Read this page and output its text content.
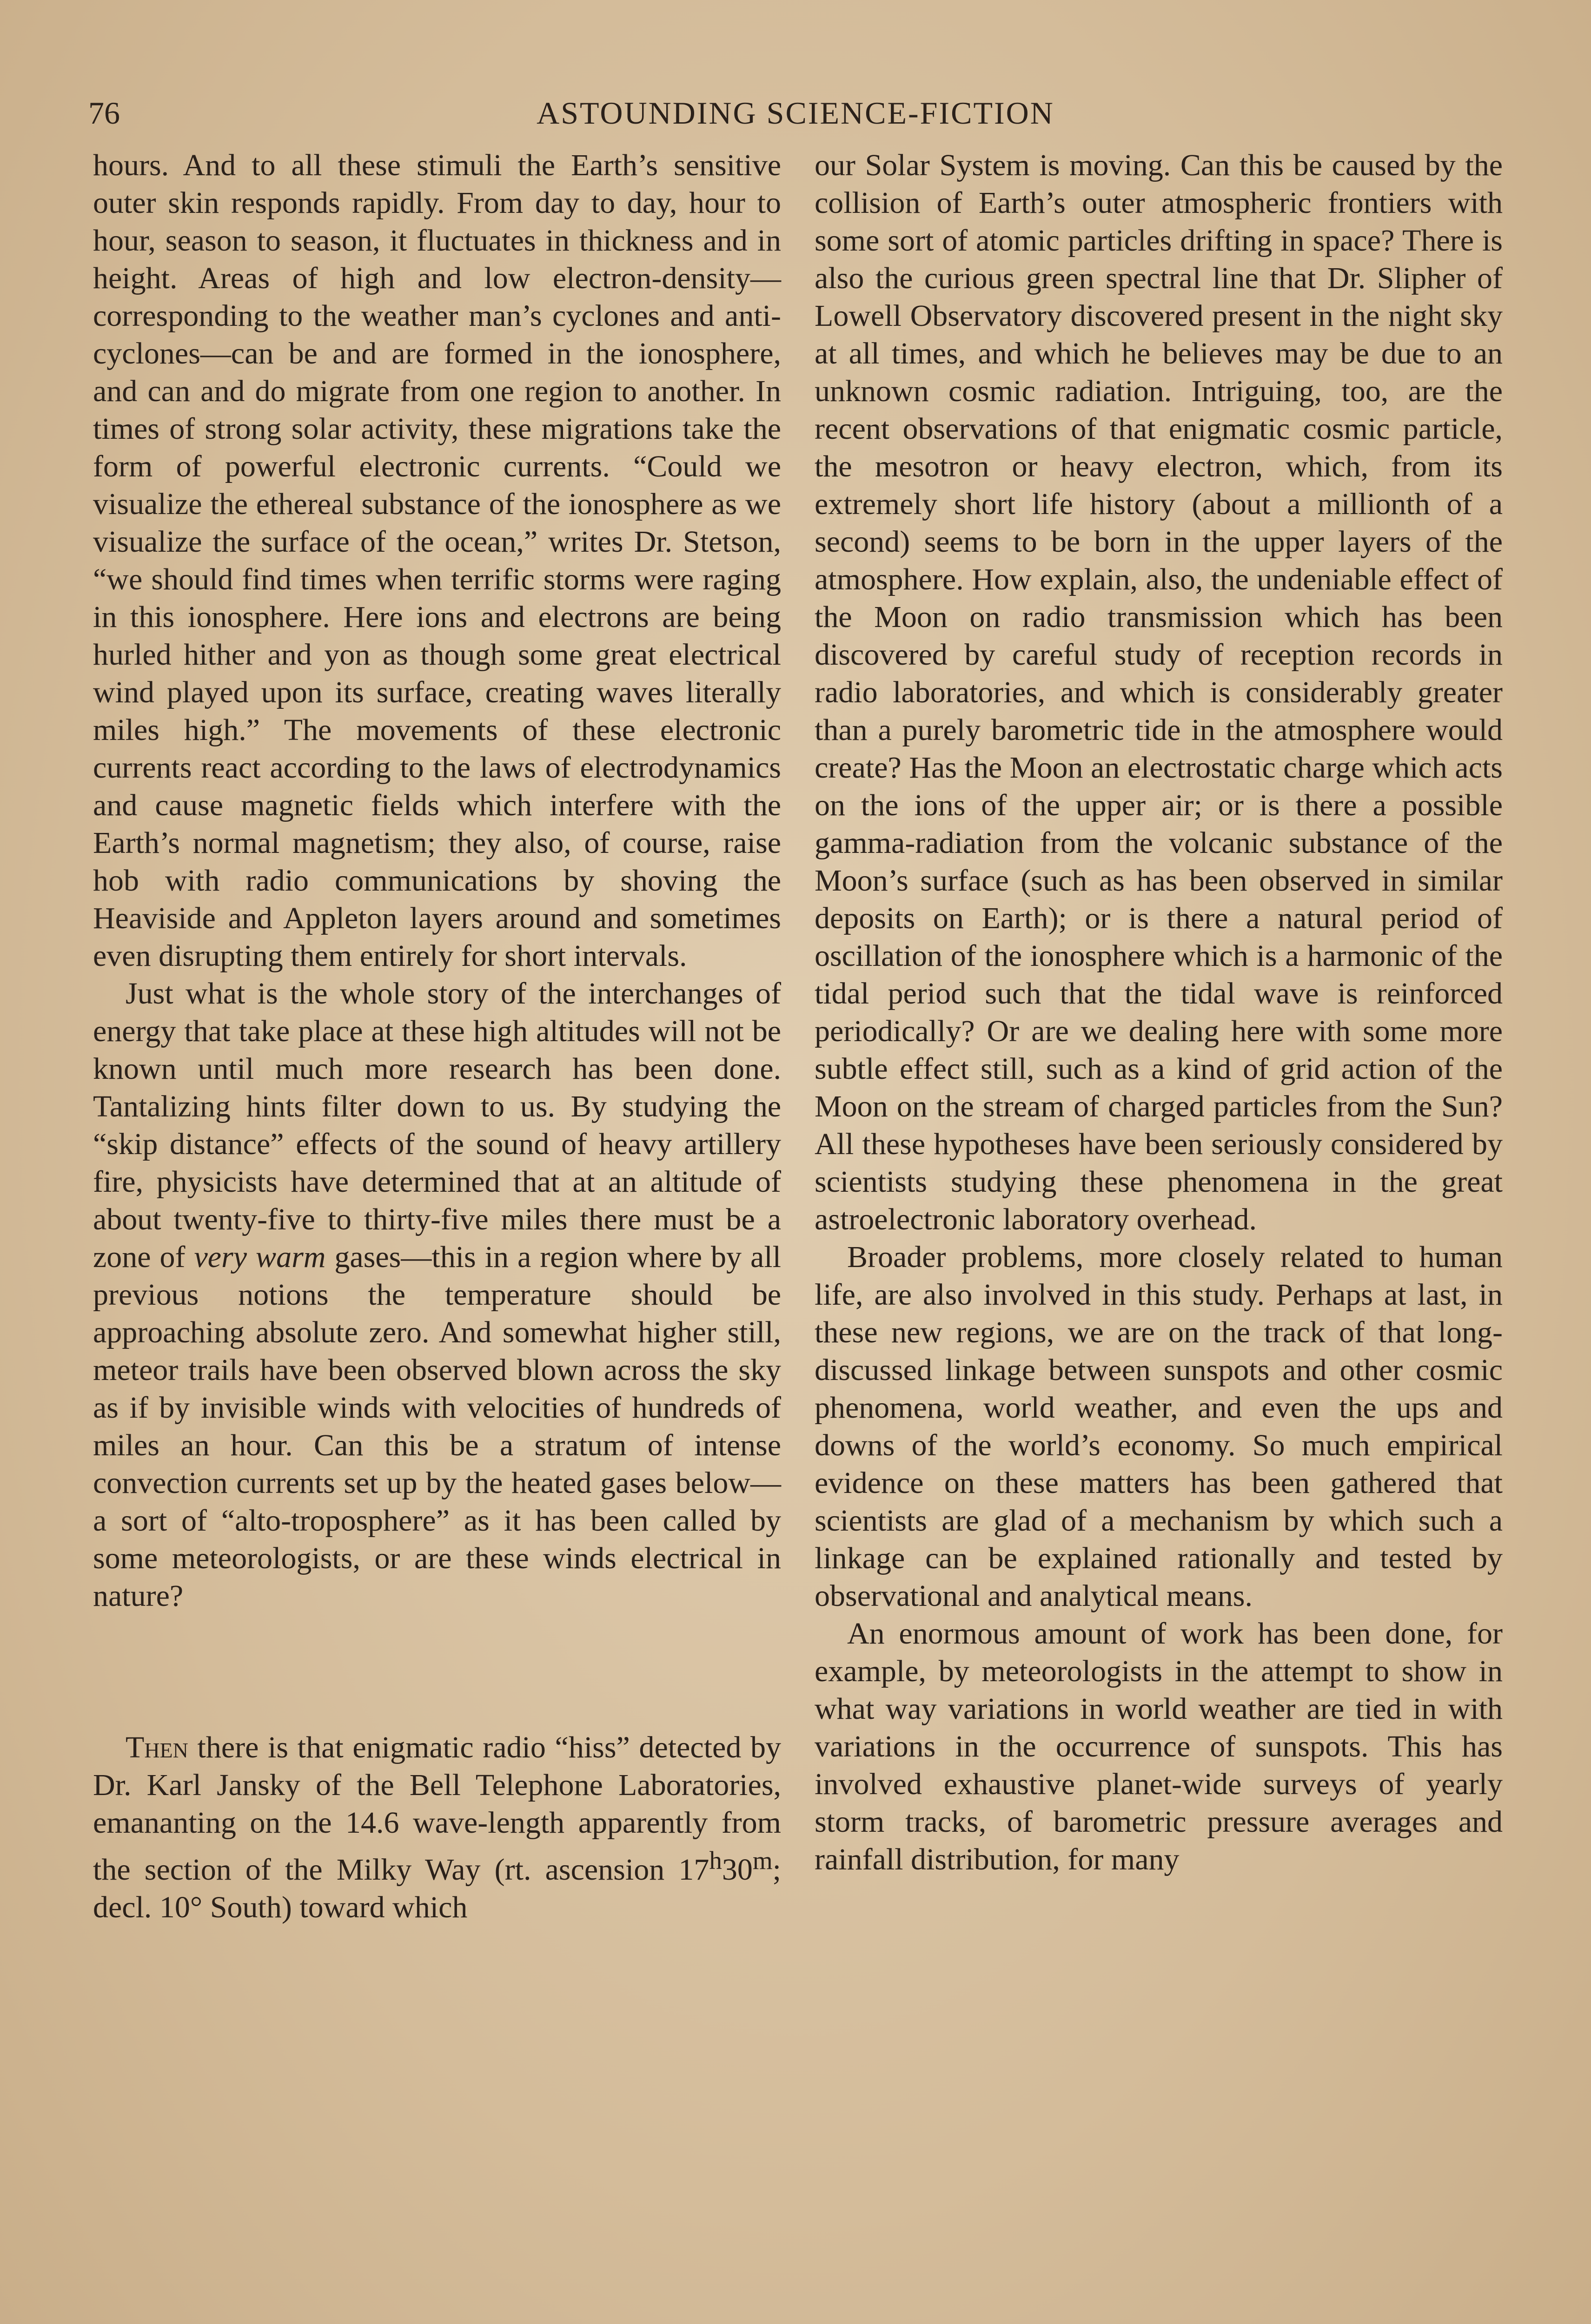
76	ASTOUNDING SCIENCE-FICTION

hours. And to all these stimuli the Earth’s sensitive outer skin responds rapidly. From day to day, hour to hour, season to season, it fluctuates in thickness and in height. Areas of high and low electron-density—corresponding to the weather man’s cyclones and anti-cyclones—can be and are formed in the ionosphere, and can and do migrate from one region to another. In times of strong solar activity, these migrations take the form of powerful electronic currents. “Could we visualize the ethereal substance of the ionosphere as we visualize the surface of the ocean,” writes Dr. Stetson, “we should find times when terrific storms were raging in this ionosphere. Here ions and electrons are being hurled hither and yon as though some great electrical wind played upon its surface, creating waves literally miles high.” The movements of these electronic currents react according to the laws of electrodynamics and cause magnetic fields which interfere with the Earth’s normal magnetism; they also, of course, raise hob with radio communications by shoving the Heaviside and Appleton layers around and sometimes even disrupting them entirely for short intervals.

Just what is the whole story of the interchanges of energy that take place at these high altitudes will not be known until much more research has been done. Tantalizing hints filter down to us. By studying the “skip distance” effects of the sound of heavy artillery fire, physicists have determined that at an altitude of about twenty-five to thirty-five miles there must be a zone of very warm gases—this in a region where by all previous notions the temperature should be approaching absolute zero. And somewhat higher still, meteor trails have been observed blown across the sky as if by invisible winds with velocities of hundreds of miles an hour. Can this be a stratum of intense convection currents set up by the heated gases below—a sort of “alto-troposphere” as it has been called by some meteorologists, or are these winds electrical in nature?

Then there is that enigmatic radio “hiss” detected by Dr. Karl Jansky of the Bell Telephone Laboratories, emananting on the 14.6 wave-length apparently from the section of the Milky Way (rt. ascension 17$^h$30$^m$; decl. 10° South) toward which

our Solar System is moving. Can this be caused by the collision of Earth’s outer atmospheric frontiers with some sort of atomic particles drifting in space? There is also the curious green spectral line that Dr. Slipher of Lowell Observatory discovered present in the night sky at all times, and which he believes may be due to an unknown cosmic radiation. Intriguing, too, are the recent observations of that enigmatic cosmic particle, the mesotron or heavy electron, which, from its extremely short life history (about a millionth of a second) seems to be born in the upper layers of the atmosphere. How explain, also, the undeniable effect of the Moon on radio transmission which has been discovered by careful study of reception records in radio laboratories, and which is considerably greater than a purely barometric tide in the atmosphere would create? Has the Moon an electrostatic charge which acts on the ions of the upper air; or is there a possible gamma-radiation from the volcanic substance of the Moon’s surface (such as has been observed in similar deposits on Earth); or is there a natural period of oscillation of the ionosphere which is a harmonic of the tidal period such that the tidal wave is reinforced periodically? Or are we dealing here with some more subtle effect still, such as a kind of grid action of the Moon on the stream of charged particles from the Sun? All these hypotheses have been seriously considered by scientists studying these phenomena in the great astroelectronic laboratory overhead.

Broader problems, more closely related to human life, are also involved in this study. Perhaps at last, in these new regions, we are on the track of that long-discussed linkage between sunspots and other cosmic phenomena, world weather, and even the ups and downs of the world’s economy. So much empirical evidence on these matters has been gathered that scientists are glad of a mechanism by which such a linkage can be explained rationally and tested by observational and analytical means.

An enormous amount of work has been done, for example, by meteorologists in the attempt to show in what way variations in world weather are tied in with variations in the occurrence of sunspots. This has involved exhaustive planet-wide surveys of yearly storm tracks, of barometric pressure averages and rainfall distribution, for many
